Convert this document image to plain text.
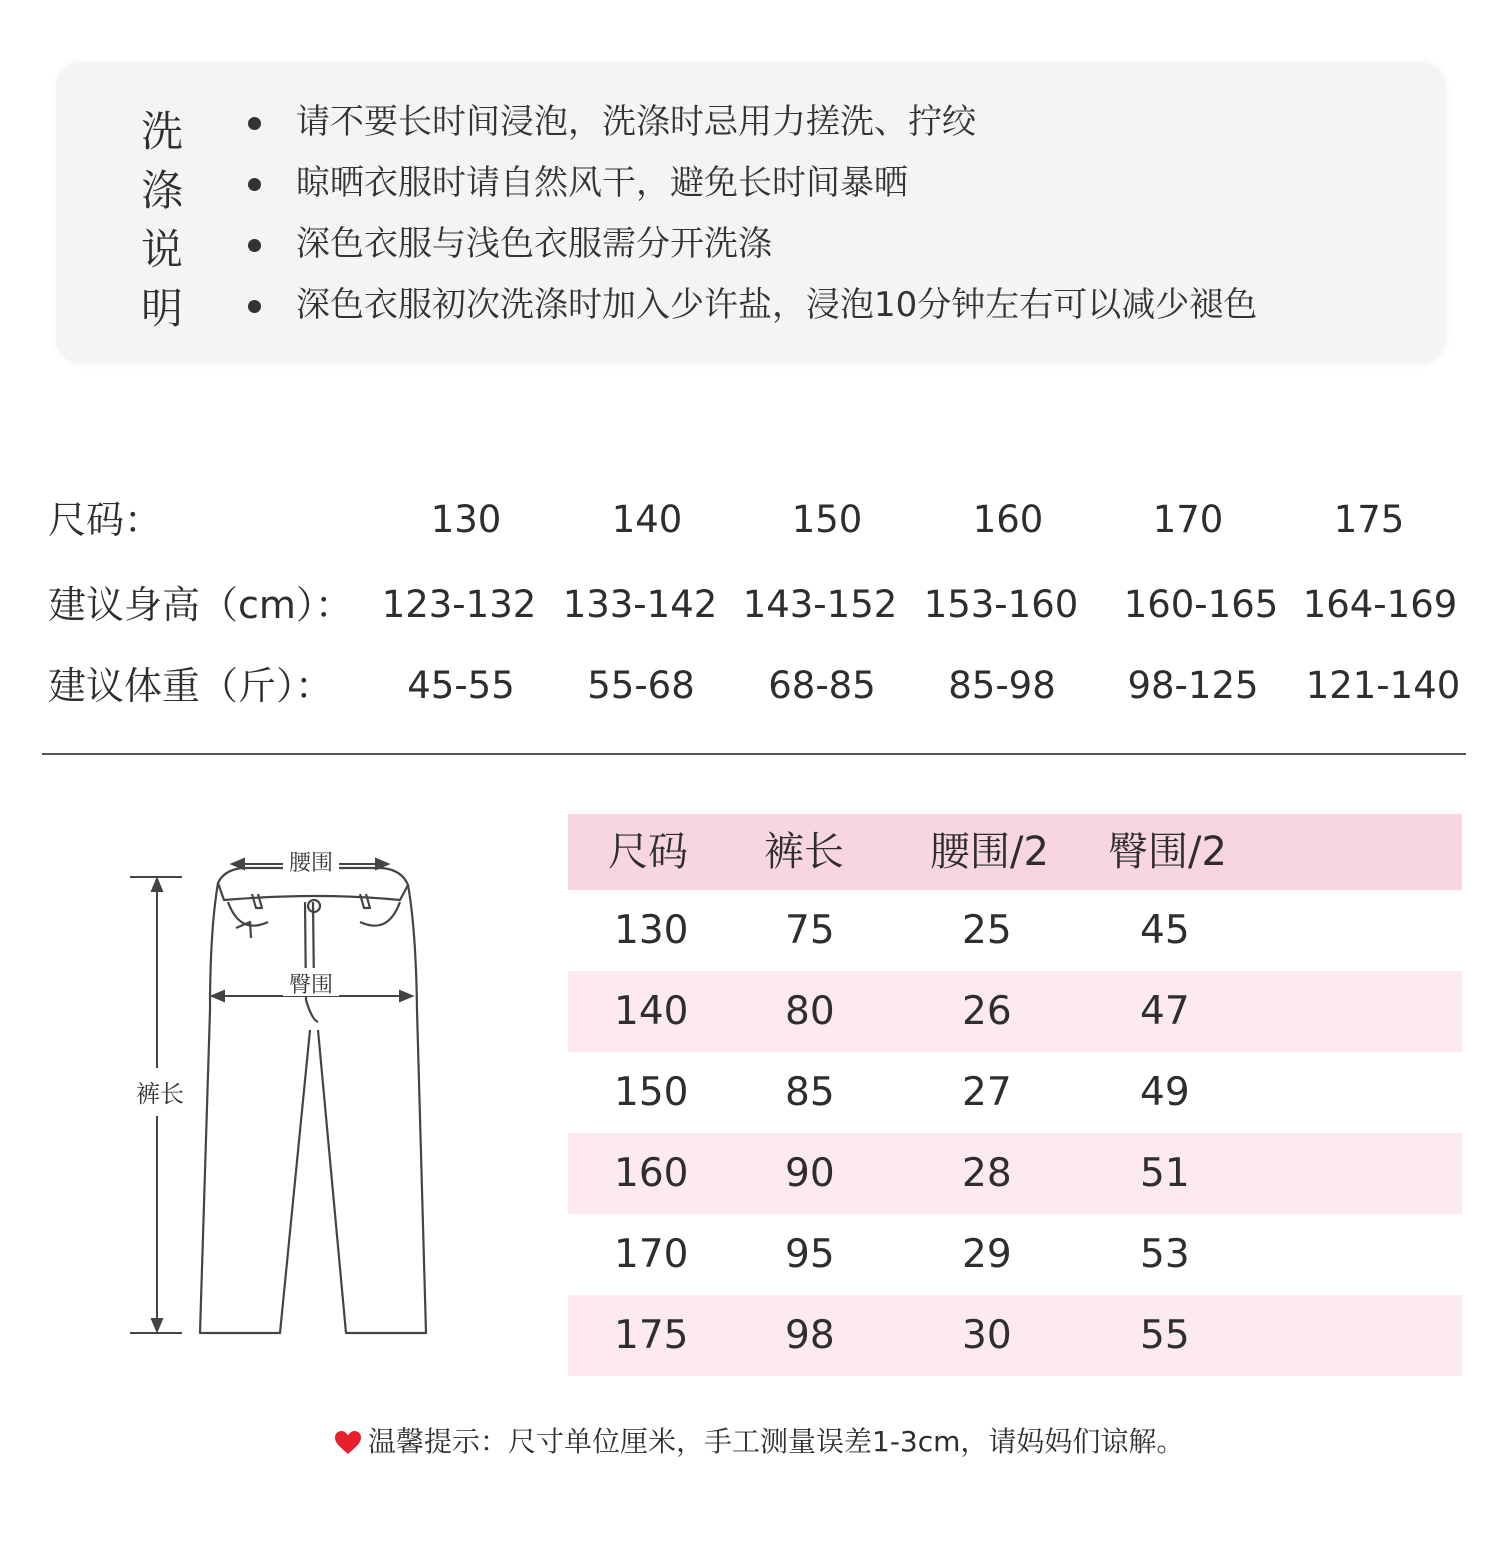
洗
涤
说
明
请不要长时间浸泡，洗涤时忌用力搓洗、拧绞
晾晒衣服时请自然风干，避免长时间暴晒
深色衣服与浅色衣服需分开洗涤
深色衣服初次洗涤时加入少许盐，浸泡10分钟左右可以减少褪色
尺码：	130	140	150	160	170	175
建议身高（cm）： 123-132 133-142 143-152 153-160 160-165 164-169
建议体重（斤）：	45-55	55-68	68-85	85-98	98-125	121-140
腰围
臀围
裤长
尺码 裤长 腰围/2 臀围/2
130 75	25	45
140 80	26	47
150 85	27	49
160 90	28	51
170 95	29	53
175 98	30	55
温馨提示：尺寸单位厘米，手工测量误差1-3cm，请妈妈们谅解。
